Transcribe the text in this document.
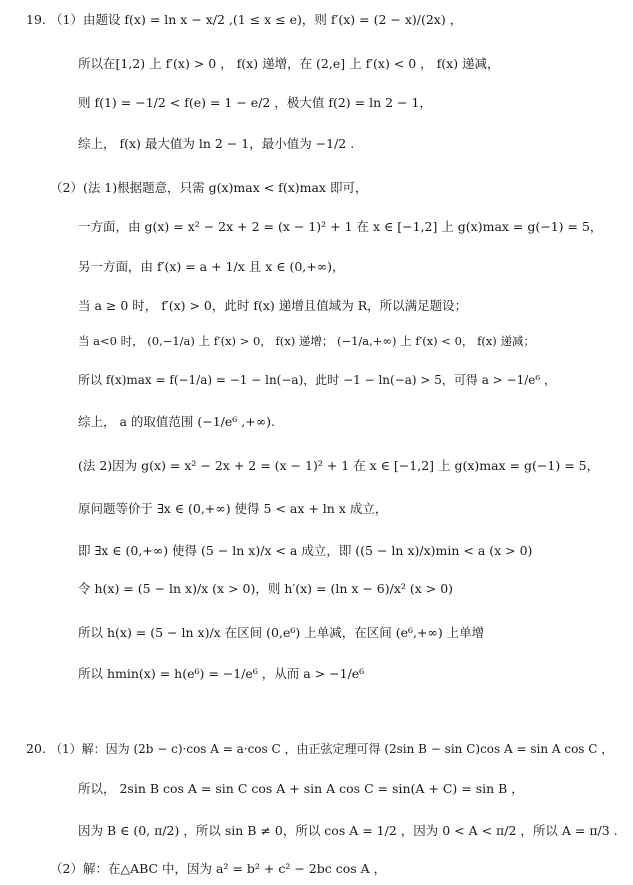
19. （1）由题设 f(x) = ln x − x/2 ,(1 ≤ x ≤ e)，则 f′(x) = (2 − x)/(2x) ，
所以在[1,2) 上 f′(x) > 0 ， f(x) 递增，在 (2,e] 上 f′(x) < 0 ， f(x) 递减，
则 f(1) = −1/2 < f(e) = 1 − e/2 ，极大值 f(2) = ln 2 − 1，
综上， f(x) 最大值为 ln 2 − 1，最小值为 −1/2 .
（2）(法 1)根据题意，只需 g(x)max < f(x)max 即可，
一方面，由 g(x) = x² − 2x + 2 = (x − 1)² + 1 在 x ∈ [−1,2] 上 g(x)max = g(−1) = 5，
另一方面，由 f′(x) = a + 1/x 且 x ∈ (0,+∞)，
当 a ≥ 0 时， f′(x) > 0，此时 f(x) 递增且值域为 R，所以满足题设；
当 a<0 时， (0,−1/a) 上 f′(x) > 0， f(x) 递增； (−1/a,+∞) 上 f′(x) < 0， f(x) 递减；
所以 f(x)max = f(−1/a) = −1 − ln(−a)，此时 −1 − ln(−a) > 5，可得 a > −1/e⁶ ，
综上， a 的取值范围 (−1/e⁶ ,+∞).
(法 2)因为 g(x) = x² − 2x + 2 = (x − 1)² + 1 在 x ∈ [−1,2] 上 g(x)max = g(−1) = 5，
原问题等价于 ∃x ∈ (0,+∞) 使得 5 < ax + ln x 成立，
即 ∃x ∈ (0,+∞) 使得 (5 − ln x)/x < a 成立，即 ((5 − ln x)/x)min < a (x > 0)
令 h(x) = (5 − ln x)/x (x > 0)，则 h′(x) = (ln x − 6)/x² (x > 0)
所以 h(x) = (5 − ln x)/x 在区间 (0,e⁶) 上单减，在区间 (e⁶,+∞) 上单增
所以 hmin(x) = h(e⁶) = −1/e⁶ ，从而 a > −1/e⁶
20. （1）解：因为 (2b − c)·cos A = a·cos C ，由正弦定理可得 (2sin B − sin C)cos A = sin A cos C ，
所以， 2sin B cos A = sin C cos A + sin A cos C = sin(A + C) = sin B ，
因为 B ∈ (0, π/2) ，所以 sin B ≠ 0，所以 cos A = 1/2 ，因为 0 < A < π/2 ，所以 A = π/3 .
（2）解：在△ABC 中，因为 a² = b² + c² − 2bc cos A ，
